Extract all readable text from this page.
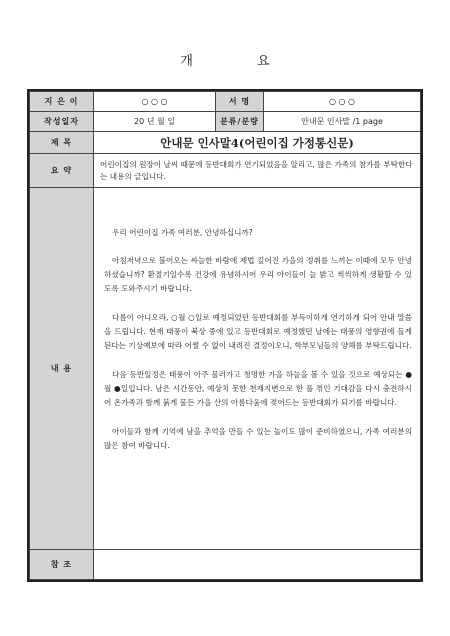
개 요
지 은 이	○ ○ ○	서 명	○ ○ ○
작성일자	20 년 월 일	분류/분량	안내문 인사말 /1 page
제 목	안내문 인사말4(어린이집 가정통신문)		
요 약	어린이집의 원장이 날씨 때문에 등반대회가 연기되었음을 알리고, 많은 가족의 참가를 부탁한다는 내용의 글입니다.		
내 용	우리 어린이집 가족 여러분, 안녕하십니까?

아침저녁으로 불어오는 싸늘한 바람에 제법 깊어진 가을의 정취를 느끼는 이때에 모두 안녕하셨습니까? 환절기일수록 건강에 유념하시어 우리 아이들이 늘 밝고 씩씩하게 생활할 수 있도록 도와주시기 바랍니다.

다름이 아니오라, ○월 ○일로 예정되었던 등반대회를 부득이하게 연기하게 되어 안내 말씀을 드립니다. 현재 태풍이 북상 중에 있고 등반대회로 예정했던 날에는 태풍의 영향권에 들게 된다는 기상예보에 따라 어쩔 수 없이 내려진 결정이오니, 학부모님들의 양해를 부탁드립니다.

다음 등반일정은 태풍이 아주 물러가고 청명한 가을 하늘을 볼 수 있을 것으로 예상되는 ●월 ●일입니다. 남은 시간동안, 예상치 못한 천재지변으로 한 풀 꺾인 기대감을 다시 충전하시어 온가족과 함께 붉게 물든 가을 산의 아름다움에 젖어드는 등반대회가 되기를 바랍니다.

아이들과 함께 기억에 남을 추억을 만들 수 있는 놀이도 많이 준비하였으니, 가족 여러분의 많은 참여 바랍니다.		

참 조			
